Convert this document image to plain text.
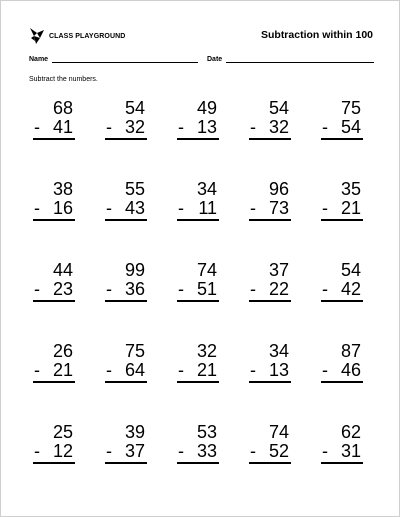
CLASS PLAYGROUND	Subtraction within 100
Name	Date
Subtract the numbers.
68
- 41
54
- 32
49
- 13
54
- 32
75
- 54
38
- 16
55
- 43
34
- 11
96
- 73
35
- 21
44
- 23
99
- 36
74
- 51
37
- 22
54
- 42
26
- 21
75
- 64
32
- 21
34
- 13
87
- 46
25
- 12
39
- 37
53
- 33
74
- 52
62
- 31
